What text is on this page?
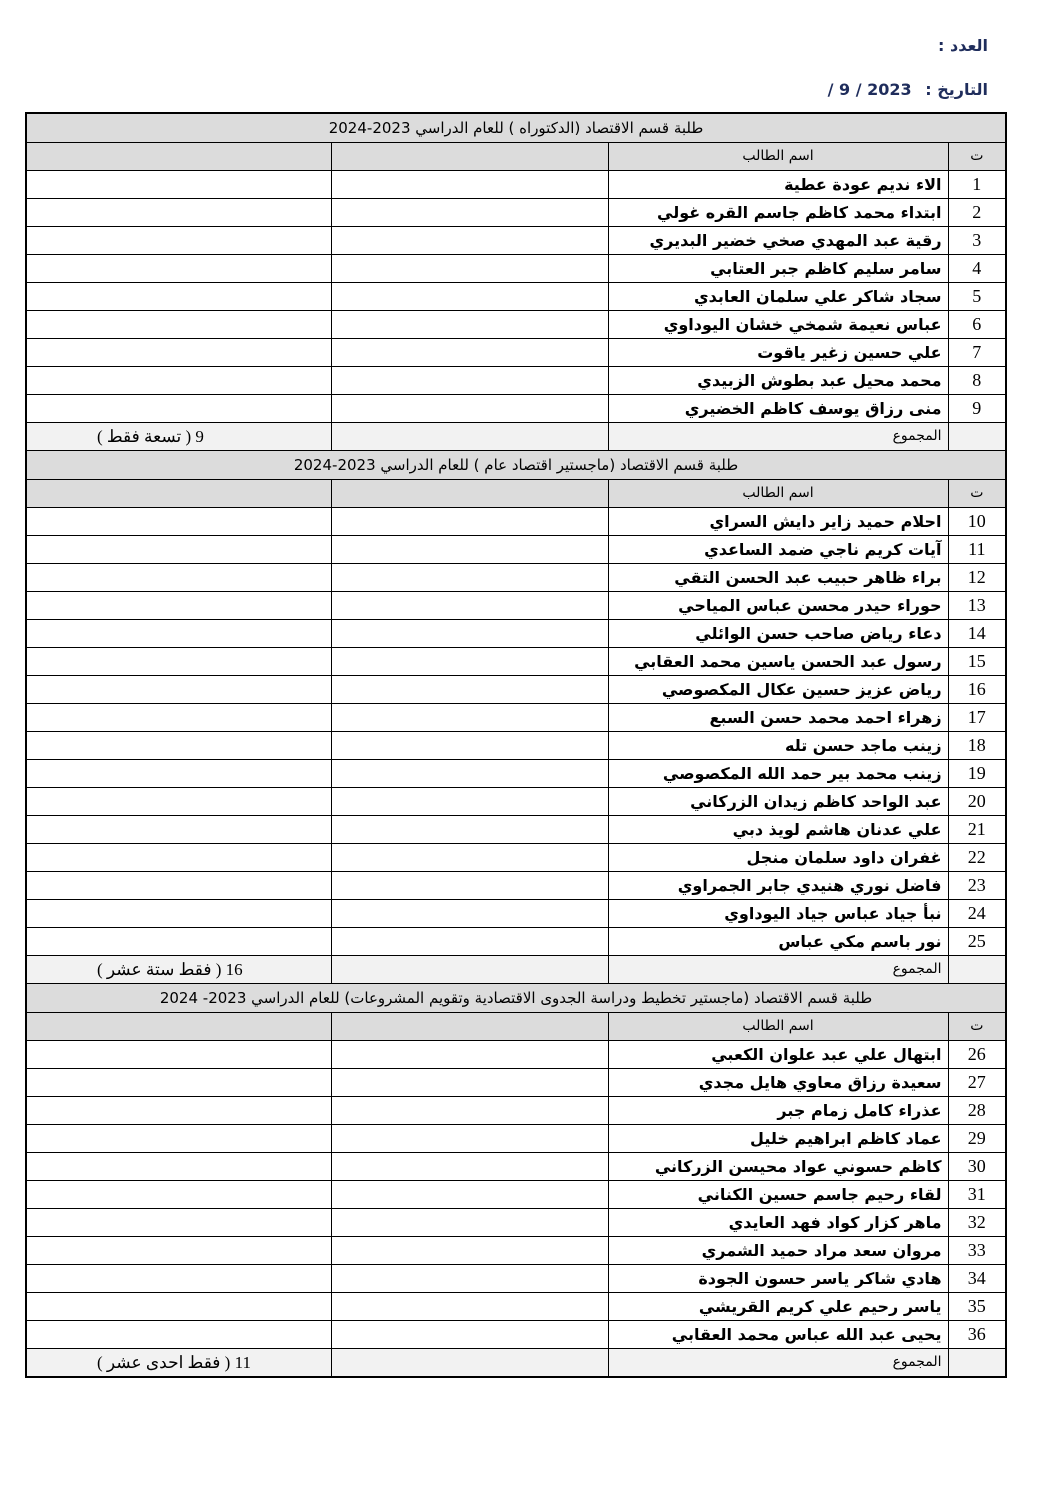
العدد :
التاريخ : / 9 / 2023
طلبة قسم الاقتصاد (الدكتوراه ) للعام الدراسي 2023-2024			
ت	اسم الطالب		
1	الاء نديم عودة عطية		
2	ابتداء محمد كاظم جاسم القره غولي		
3	رقية عبد المهدي صخي خضير البديري		
4	سامر سليم كاظم جبر العتابي		
5	سجاد شاكر علي سلمان العابدي		
6	عباس نعيمة شمخي خشان اليوداوي		
7	علي حسين زغير ياقوت		
8	محمد محيل عبد بطوش الزبيدي		
9	منى رزاق يوسف كاظم الخضيري		
	المجموع		9 ( تسعة فقط )
طلبة قسم الاقتصاد (ماجستير اقتصاد عام ) للعام الدراسي 2023-2024			
ت	اسم الطالب		
10	احلام حميد زاير دايش السراي		
11	آيات كريم ناجي ضمد الساعدي		
12	براء ظاهر حبيب عبد الحسن التقي		
13	حوراء حيدر محسن عباس المياحي		
14	دعاء رياض صاحب حسن الوائلي		
15	رسول عبد الحسن ياسين محمد العقابي		
16	رياض عزيز حسين عكال المكصوصي		
17	زهراء احمد محمد حسن السبع		
18	زينب ماجد حسن تله		
19	زينب محمد بير حمد الله المكصوصي		
20	عبد الواحد كاظم زيدان الزركاني		
21	علي عدنان هاشم لويذ دبي		
22	غفران داود سلمان منجل		
23	فاضل نوري هنيدي جابر الجمراوي		
24	نبأ جياد عباس جياد اليوداوي		
25	نور باسم مكي عباس		
	المجموع		16 ( فقط ستة عشر )
طلبة قسم الاقتصاد (ماجستير تخطيط ودراسة الجدوى الاقتصادية وتقويم المشروعات) للعام الدراسي 2023- 2024			
ت	اسم الطالب		
26	ابتهال علي عبد علوان الكعبي		
27	سعيدة رزاق معاوي هايل مجدي		
28	عذراء كامل زمام جبر		
29	عماد كاظم ابراهيم خليل		
30	كاظم حسوني عواد محيسن الزركاني		
31	لقاء رحيم جاسم حسين الكناني		
32	ماهر كزار كواد فهد العايدي		
33	مروان سعد مراد حميد الشمري		
34	هادي شاكر ياسر حسون الجودة		
35	ياسر رحيم علي كريم القريشي		
36	يحيى عبد الله عباس محمد العقابي		
	المجموع		11 ( فقط احدى عشر )
